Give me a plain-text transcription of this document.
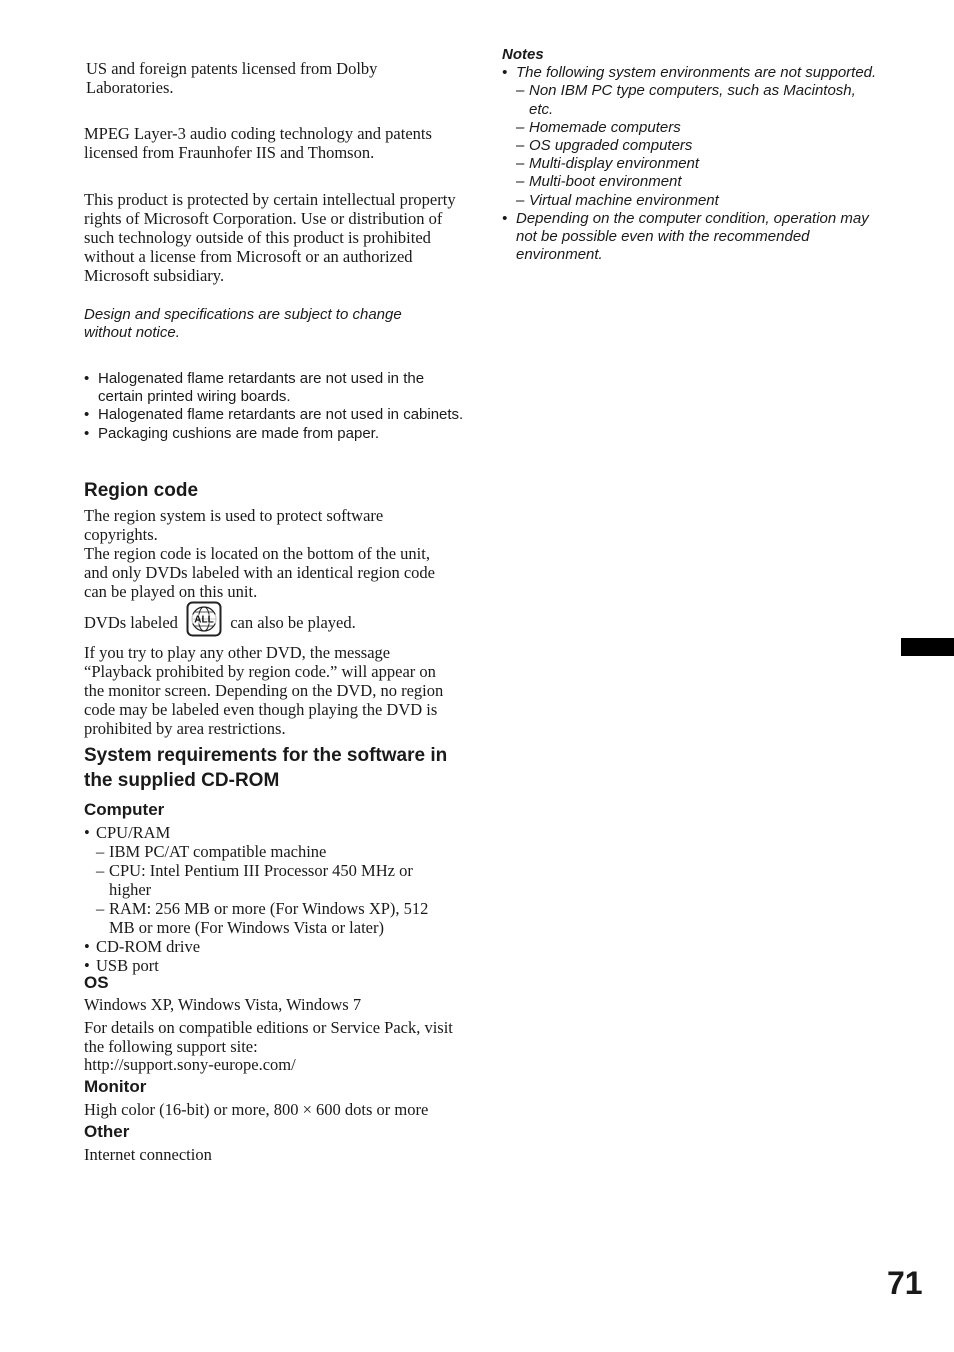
US and foreign patents licensed from Dolby Laboratories.

MPEG Layer-3 audio coding technology and patents licensed from Fraunhofer IIS and Thomson.

This product is protected by certain intellectual property rights of Microsoft Corporation. Use or distribution of such technology outside of this product is prohibited without a license from Microsoft or an authorized Microsoft subsidiary.

Design and specifications are subject to change without notice.

• Halogenated flame retardants are not used in the certain printed wiring boards.
• Halogenated flame retardants are not used in cabinets.
• Packaging cushions are made from paper.
Region code

The region system is used to protect software copyrights.

The region code is located on the bottom of the unit, and only DVDs labeled with an identical region code can be played on this unit.

DVDs labeled ALL can also be played.

If you try to play any other DVD, the message “Playback prohibited by region code.” will appear on the monitor screen. Depending on the DVD, no region code may be labeled even though playing the DVD is prohibited by area restrictions.

System requirements for the software in the supplied CD-ROM
Computer
• CPU/RAM
– IBM PC/AT compatible machine
– CPU: Intel Pentium III Processor 450 MHz or higher
– RAM: 256 MB or more (For Windows XP), 512 MB or more (For Windows Vista or later)
• CD-ROM drive
• USB port
OS

Windows XP, Windows Vista, Windows 7

For details on compatible editions or Service Pack, visit the following support site:

http://support.sony-europe.com/

Monitor

High color (16-bit) or more, 800 × 600 dots or more

Other

Internet connection

Notes
• The following system environments are not supported.
– Non IBM PC type computers, such as Macintosh, etc.
– Homemade computers
– OS upgraded computers
– Multi-display environment
– Multi-boot environment
– Virtual machine environment
• Depending on the computer condition, operation may not be possible even with the recommended environment.
71
